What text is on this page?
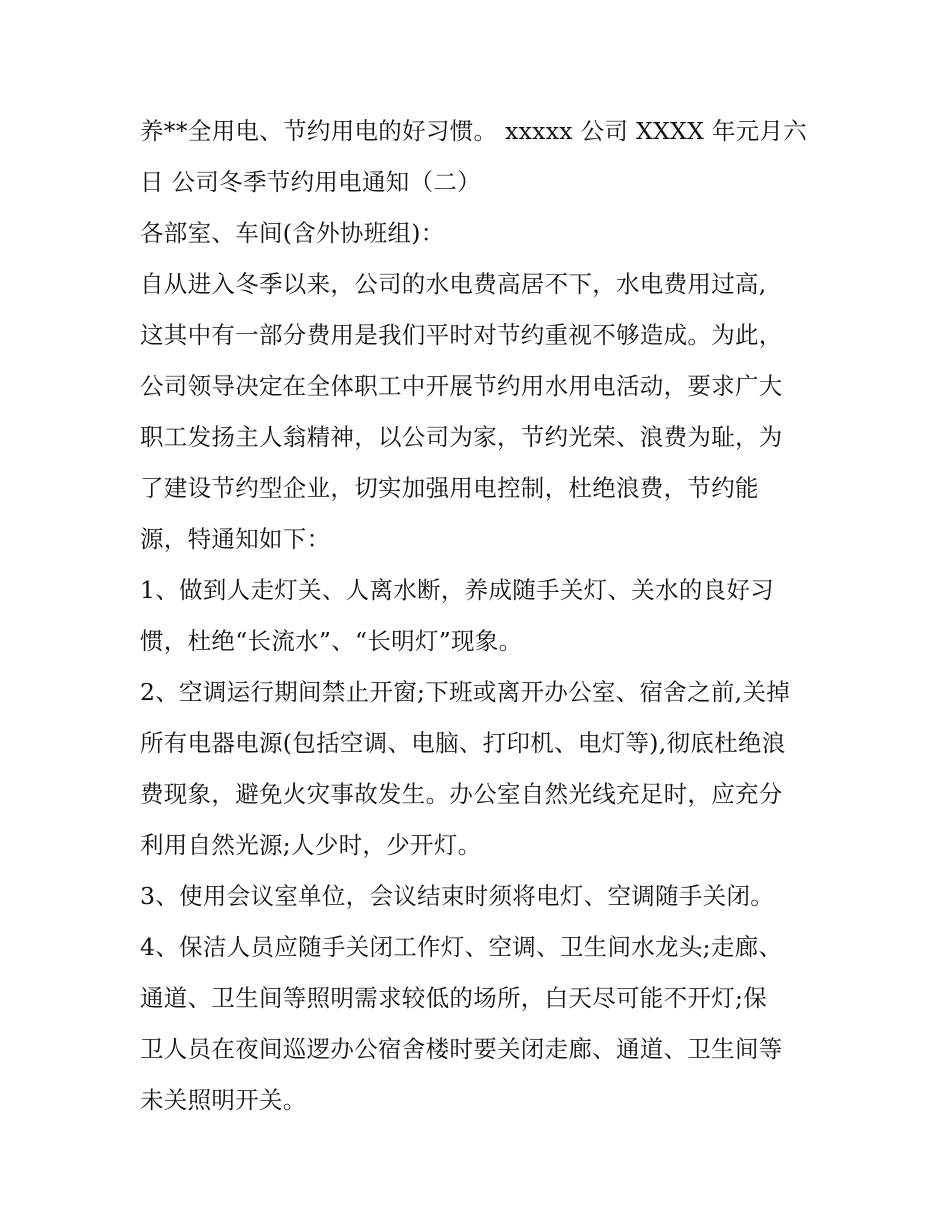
养**全用电、节约用电的好习惯。 xxxxx 公司 XXXX 年元月六
日 公司冬季节约用电通知（二）
各部室、车间(含外协班组)：
自从进入冬季以来，公司的水电费高居不下，水电费用过高,
这其中有一部分费用是我们平时对节约重视不够造成。为此，
公司领导决定在全体职工中开展节约用水用电活动，要求广大
职工发扬主人翁精神，以公司为家，节约光荣、浪费为耻，为
了建设节约型企业，切实加强用电控制，杜绝浪费，节约能
源，特通知如下：
1、做到人走灯关、人离水断，养成随手关灯、关水的良好习
惯，杜绝“长流水”、“长明灯”现象。
2、空调运行期间禁止开窗;下班或离开办公室、宿舍之前,关掉
所有电器电源(包括空调、电脑、打印机、电灯等),彻底杜绝浪
费现象，避免火灾事故发生。办公室自然光线充足时，应充分
利用自然光源;人少时，少开灯。
3、使用会议室单位，会议结束时须将电灯、空调随手关闭。
4、保洁人员应随手关闭工作灯、空调、卫生间水龙头;走廊、
通道、卫生间等照明需求较低的场所，白天尽可能不开灯;保
卫人员在夜间巡逻办公宿舍楼时要关闭走廊、通道、卫生间等
未关照明开关。
